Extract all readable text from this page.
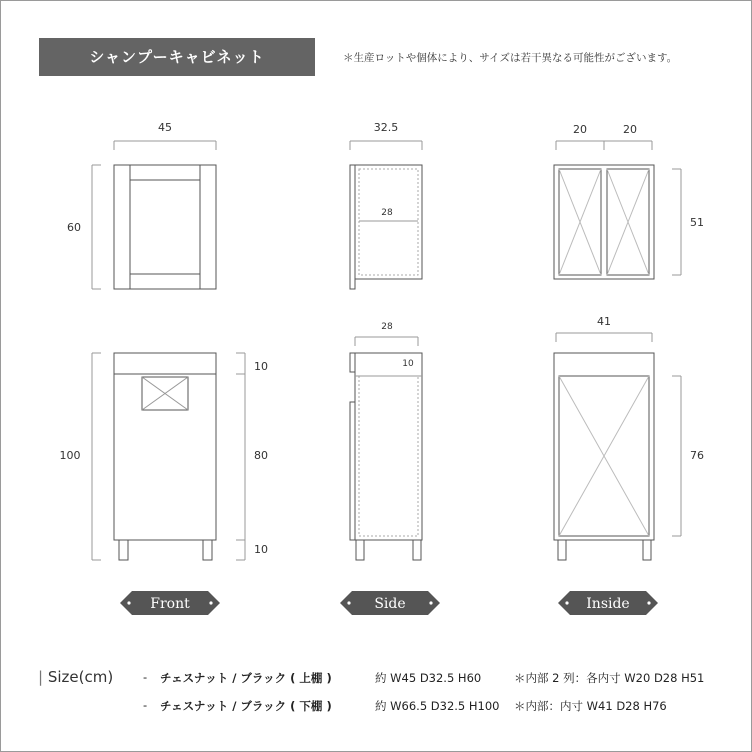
シャンプーキャビネット	＊生産ロットや個体により、サイズは若干異なる可能性がございます。
45
60
32.5
28
20	20
51
28
10
100
10
80
10
41
76
Front	Side	Inside
| Size(cm)	- チェスナット / ブラック ( 上棚 )	約 W45 D32.5 H60	＊内部 2 列：各内寸 W20 D28 H51
- チェスナット / ブラック ( 下棚 )	約 W66.5 D32.5 H100 ＊内部：内寸 W41 D28 H76
